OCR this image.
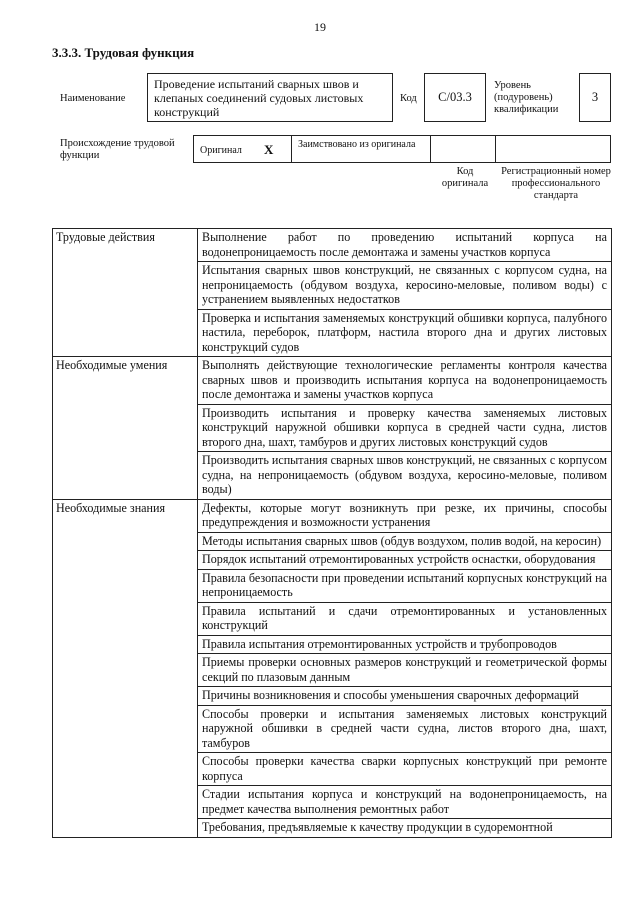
19
3.3.3. Трудовая функция
Наименование
Проведение испытаний сварных швов и клепаных соединений судовых листовых конструкций
Код	C/03.3
Уровень (подуровень) квалификации
3
Происхождение трудовой функции	Оригинал X Заимствовано из оригинала
Код оригинала
Регистрационный номер профессионального стандарта
Трудовые действия	Выполнение работ по проведению испытаний корпуса на водонепроницаемость после демонтажа и замены участков корпуса
	Испытания сварных швов конструкций, не связанных с корпусом судна, на непроницаемость (обдувом воздуха, керосино-меловые, поливом воды) с устранением выявленных недостатков
	Проверка и испытания заменяемых конструкций обшивки корпуса, палубного настила, переборок, платформ, настила второго дна и других листовых конструкций судов
Необходимые умения	Выполнять действующие технологические регламенты контроля качества сварных швов и производить испытания корпуса на водонепроницаемость после демонтажа и замены участков корпуса
	Производить испытания и проверку качества заменяемых листовых конструкций наружной обшивки корпуса в средней части судна, листов второго дна, шахт, тамбуров и других листовых конструкций судов
	Производить испытания сварных швов конструкций, не связанных с корпусом судна, на непроницаемость (обдувом воздуха, керосино-меловые, поливом воды)
Необходимые знания	Дефекты, которые могут возникнуть при резке, их причины, способы предупреждения и возможности устранения
	Методы испытания сварных швов (обдув воздухом, полив водой, на керосин)
	Порядок испытаний отремонтированных устройств оснастки, оборудования
	Правила безопасности при проведении испытаний корпусных конструкций на непроницаемость
	Правила испытаний и сдачи отремонтированных и установленных конструкций
	Правила испытания отремонтированных устройств и трубопроводов
	Приемы проверки основных размеров конструкций и геометрической формы секций по плазовым данным
	Причины возникновения и способы уменьшения сварочных деформаций
	Способы проверки и испытания заменяемых листовых конструкций наружной обшивки в средней части судна, листов второго дна, шахт, тамбуров
	Способы проверки качества сварки корпусных конструкций при ремонте корпуса
	Стадии испытания корпуса и конструкций на водонепроницаемость, на предмет качества выполнения ремонтных работ
	Требования, предъявляемые к качеству продукции в судоремонтной
